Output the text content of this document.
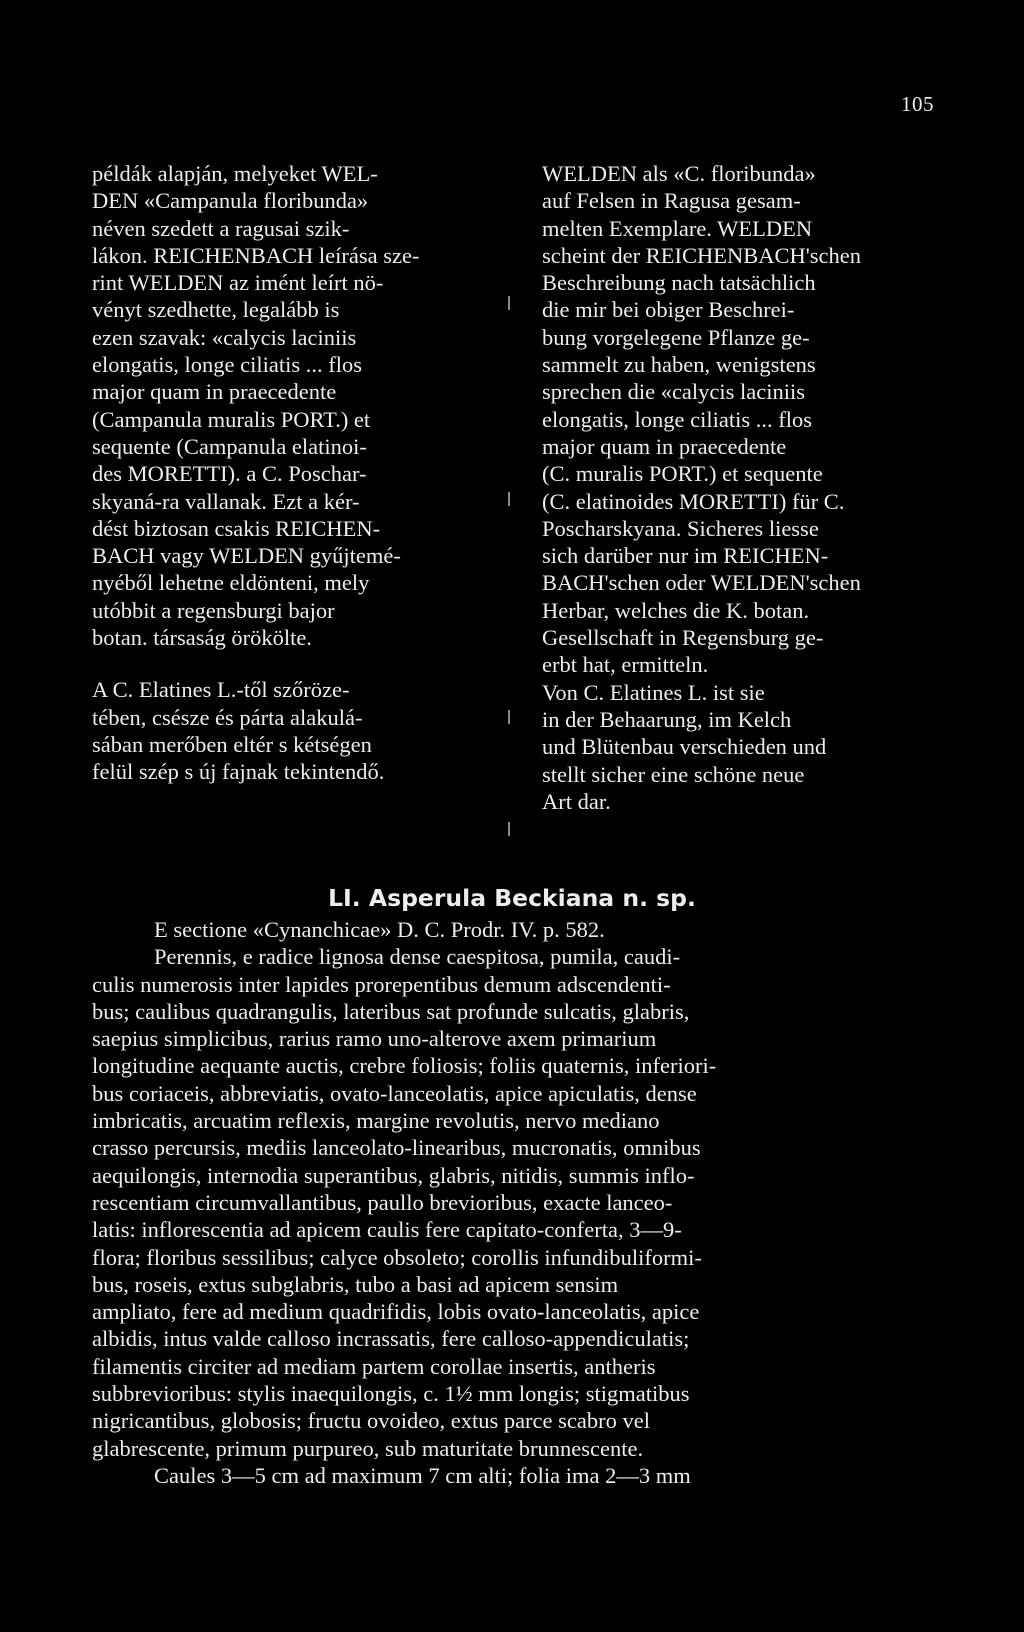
105
példák alapján, melyeket WEL-
DEN «Campanula floribunda»
néven szedett a ragusai szik-
lákon. REICHENBACH leírása sze-
rint WELDEN az imént leírt nö-
vényt szedhette, legalább is
ezen szavak: «calycis laciniis
elongatis, longe ciliatis ... flos
major quam in praecedente
(Campanula muralis PORT.) et
sequente (Campanula elatinoi-
des MORETTI). a C. Poschar-
skyaná-ra vallanak. Ezt a kér-
dést biztosan csakis REICHEN-
BACH vagy WELDEN gyűjtemé-
nyéből lehetne eldönteni, mely
utóbbit a regensburgi bajor
botan. társaság örökölte.
A C. Elatines L.-től szőröze-
tében, csésze és párta alakulá-
sában merőben eltér s kétségen
felül szép s új fajnak tekintendő.
WELDEN als «C. floribunda»
auf Felsen in Ragusa gesam-
melten Exemplare. WELDEN
scheint der REICHENBACH'schen
Beschreibung nach tatsächlich
die mir bei obiger Beschrei-
bung vorgelegene Pflanze ge-
sammelt zu haben, wenigstens
sprechen die «calycis laciniis
elongatis, longe ciliatis ... flos
major quam in praecedente
(C. muralis PORT.) et sequente
(C. elatinoides MORETTI) für C.
Poscharskyana. Sicheres liesse
sich darüber nur im REICHEN-
BACH'schen oder WELDEN'schen
Herbar, welches die K. botan.
Gesellschaft in Regensburg ge-
erbt hat, ermitteln.
Von C. Elatines L. ist sie
in der Behaarung, im Kelch
und Blütenbau verschieden und
stellt sicher eine schöne neue
Art dar.
LI. Asperula Beckiana n. sp.
E sectione «Cynanchicae» D. C. Prodr. IV. p. 582.
Perennis, e radice lignosa dense caespitosa, pumila, caudi-
culis numerosis inter lapides prorepentibus demum adscendenti-
bus; caulibus quadrangulis, lateribus sat profunde sulcatis, glabris,
saepius simplicibus, rarius ramo uno-alterove axem primarium
longitudine aequante auctis, crebre foliosis; foliis quaternis, inferiori-
bus coriaceis, abbreviatis, ovato-lanceolatis, apice apiculatis, dense
imbricatis, arcuatim reflexis, margine revolutis, nervo mediano
crasso percursis, mediis lanceolato-linearibus, mucronatis, omnibus
aequilongis, internodia superantibus, glabris, nitidis, summis inflo-
rescentiam circumvallantibus, paullo brevioribus, exacte lanceo-
latis: inflorescentia ad apicem caulis fere capitato-conferta, 3—9-
flora; floribus sessilibus; calyce obsoleto; corollis infundibuliformi-
bus, roseis, extus subglabris, tubo a basi ad apicem sensim
ampliato, fere ad medium quadrifidis, lobis ovato-lanceolatis, apice
albidis, intus valde calloso incrassatis, fere calloso-appendiculatis;
filamentis circiter ad mediam partem corollae insertis, antheris
subbrevioribus: stylis inaequilongis, c. 1½ mm longis; stigmatibus
nigricantibus, globosis; fructu ovoideo, extus parce scabro vel
glabrescente, primum purpureo, sub maturitate brunnescente.
Caules 3—5 cm ad maximum 7 cm alti; folia ima 2—3 mm
